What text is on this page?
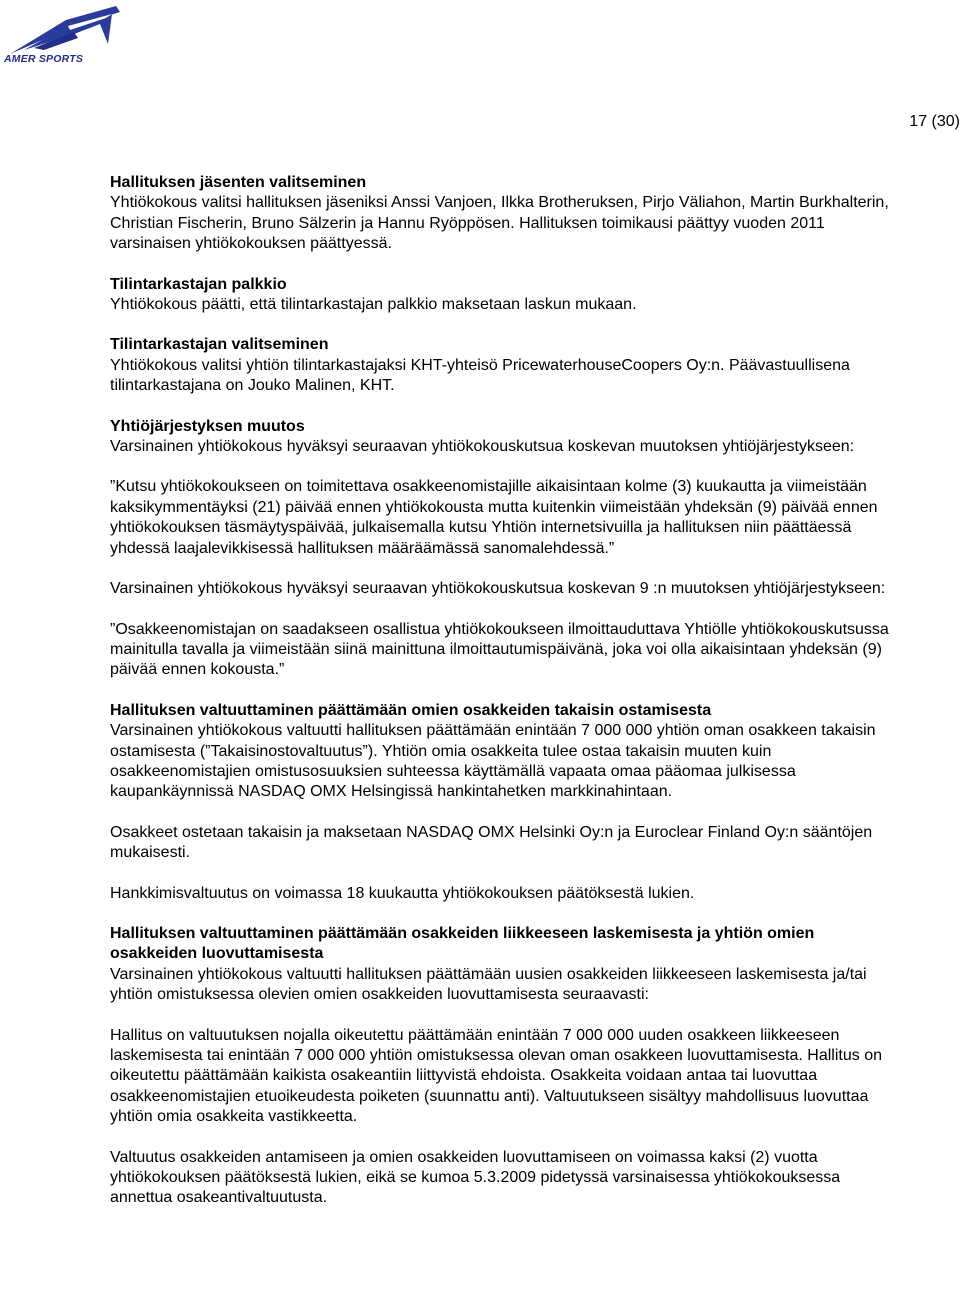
AMER SPORTS
17 (30)
Hallituksen jäsenten valitseminen

Yhtiökokous valitsi hallituksen jäseniksi Anssi Vanjoen, Ilkka Brotheruksen, Pirjo Väliahon, Martin Burkhalterin, Christian Fischerin, Bruno Sälzerin ja Hannu Ryöppösen. Hallituksen toimikausi päättyy vuoden 2011 varsinaisen yhtiökokouksen päättyessä.

Tilintarkastajan palkkio

Yhtiökokous päätti, että tilintarkastajan palkkio maksetaan laskun mukaan.

Tilintarkastajan valitseminen

Yhtiökokous valitsi yhtiön tilintarkastajaksi KHT-yhteisö PricewaterhouseCoopers Oy:n. Päävastuullisena tilintarkastajana on Jouko Malinen, KHT.

Yhtiöjärjestyksen muutos

Varsinainen yhtiökokous hyväksyi seuraavan yhtiökokouskutsua koskevan muutoksen yhtiöjärjestykseen:

”Kutsu yhtiökokoukseen on toimitettava osakkeenomistajille aikaisintaan kolme (3) kuukautta ja viimeistään kaksikymmentäyksi (21) päivää ennen yhtiökokousta mutta kuitenkin viimeistään yhdeksän (9) päivää ennen yhtiökokouksen täsmäytyspäivää, julkaisemalla kutsu Yhtiön internetsivuilla ja hallituksen niin päättäessä yhdessä laajalevikkisessä hallituksen määräämässä sanomalehdessä.”

Varsinainen yhtiökokous hyväksyi seuraavan yhtiökokouskutsua koskevan 9 :n muutoksen yhtiöjärjestykseen:

”Osakkeenomistajan on saadakseen osallistua yhtiökokoukseen ilmoittauduttava Yhtiölle yhtiökokouskutsussa mainitulla tavalla ja viimeistään siinä mainittuna ilmoittautumispäivänä, joka voi olla aikaisintaan yhdeksän (9) päivää ennen kokousta.”

Hallituksen valtuuttaminen päättämään omien osakkeiden takaisin ostamisesta

Varsinainen yhtiökokous valtuutti hallituksen päättämään enintään 7 000 000 yhtiön oman osakkeen takaisin ostamisesta (”Takaisinostovaltuutus”). Yhtiön omia osakkeita tulee ostaa takaisin muuten kuin osakkeenomistajien omistusosuuksien suhteessa käyttämällä vapaata omaa pääomaa julkisessa kaupankäynnissä NASDAQ OMX Helsingissä hankintahetken markkinahintaan.

Osakkeet ostetaan takaisin ja maksetaan NASDAQ OMX Helsinki Oy:n ja Euroclear Finland Oy:n sääntöjen mukaisesti.

Hankkimisvaltuutus on voimassa 18 kuukautta yhtiökokouksen päätöksestä lukien.

Hallituksen valtuuttaminen päättämään osakkeiden liikkeeseen laskemisesta ja yhtiön omien osakkeiden luovuttamisesta

Varsinainen yhtiökokous valtuutti hallituksen päättämään uusien osakkeiden liikkeeseen laskemisesta ja/tai yhtiön omistuksessa olevien omien osakkeiden luovuttamisesta seuraavasti:

Hallitus on valtuutuksen nojalla oikeutettu päättämään enintään 7 000 000 uuden osakkeen liikkeeseen laskemisesta tai enintään 7 000 000 yhtiön omistuksessa olevan oman osakkeen luovuttamisesta. Hallitus on oikeutettu päättämään kaikista osakeantiin liittyvistä ehdoista. Osakkeita voidaan antaa tai luovuttaa osakkeenomistajien etuoikeudesta poiketen (suunnattu anti). Valtuutukseen sisältyy mahdollisuus luovuttaa yhtiön omia osakkeita vastikkeetta.

Valtuutus osakkeiden antamiseen ja omien osakkeiden luovuttamiseen on voimassa kaksi (2) vuotta yhtiökokouksen päätöksestä lukien, eikä se kumoa 5.3.2009 pidetyssä varsinaisessa yhtiökokouksessa annettua osakeantivaltuutusta.
